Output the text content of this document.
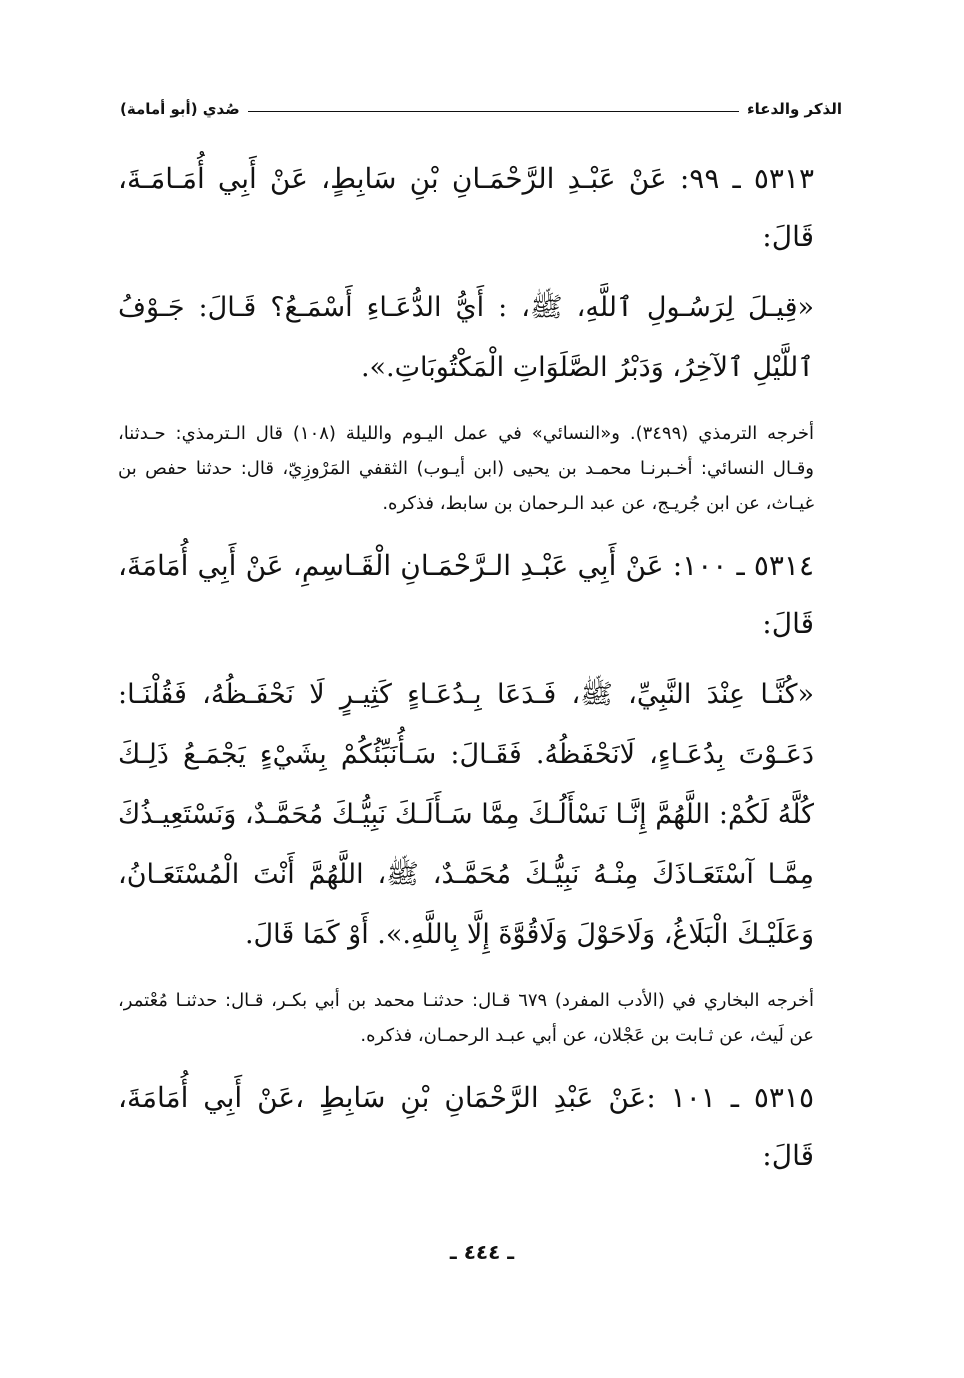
الذكر والدعاء
صُدي (أبو أمامة)

٥٣١٣ ـ ٩٩: عَنْ عَبْـدِ الرَّحْمَـانِ بْنِ سَابِطٍ، عَنْ أَبِي أُمَـامَـةَ، قَالَ:

«قِيـلَ لِرَسُـولِ ٱللَّهِ، ﷺ، : أَيُّ الدُّعَـاءِ أَسْمَـعُ؟ قَـالَ: جَـوْفُ ٱللَّيْلِ ٱلآخِرُ، وَدَبْرُ الصَّلَوَاتِ الْمَكْتُوبَاتِ.».

أخرجه الترمذي (٣٤٩٩). و«النسائي» في عمل اليـوم والليلة (١٠٨) قال الـترمذي: حـدثنا، وقـال النسائي: أخـبرنـا محمـد بن يحيى (ابن أيـوب) الثقفي المَرْوزِيّ، قال: حدثنا حفص بن غيـاث، عن ابن جُريـج، عن عبد الـرحمان بن سابط، فذكره.

٥٣١٤ ـ ١٠٠: عَنْ أَبِي عَبْـدِ الـرَّحْمَـانِ الْقَـاسِمِ، عَنْ أَبِي أُمَامَةَ، قَالَ:

«كُنَّـا عِنْدَ النَّبِيِّ، ﷺ، فَـدَعَا بِـدُعَـاءٍ كَثِيـرٍ لَا نَحْفَـظُهُ، فَقُلْنَـا: دَعَـوْتَ بِدُعَـاءٍ، لَانَحْفَظُهُ. فَقَـالَ: سَـأُنَبِّئُكُمْ بِشَيْءٍ يَجْمَـعُ ذَلِـكَ كُلَّهُ لَكُمْ: اللَّهُمَّ إِنَّـا نَسْأَلُـكَ مِمَّا سَـأَلَـكَ نَبِيُّـكَ مُحَمَّـدٌ، وَنَسْتَعِيـذُكَ مِمَّـا آسْتَعَـاذَكَ مِنْـهُ نَبِيُّـكَ مُحَمَّـدٌ، ﷺ، اللَّهُمَّ أَنْتَ الْمُسْتَعَـانُ، وَعَلَيْـكَ الْبَلَاغُ، وَلَاحَوْلَ وَلَاقُوَّةَ إِلَّا بِاللَّهِ.». أَوْ كَمَا قَالَ.

أخرجه البخاري في (الأدب المفرد) ٦٧٩ قـال: حدثنـا محمد بن أبي بكـر، قـال: حدثنـا مُعْتمر، عن لَيث، عن ثـابت بن عَجْلان، عن أبي عبـد الرحمـان، فذكره.

٥٣١٥ ـ ١٠١ :عَنْ عَبْدِ الرَّحْمَانِ بْنِ سَابِطٍ ،عَنْ أَبِي أُمَامَةَ، قَالَ:

ـ ٤٤٤ ـ
